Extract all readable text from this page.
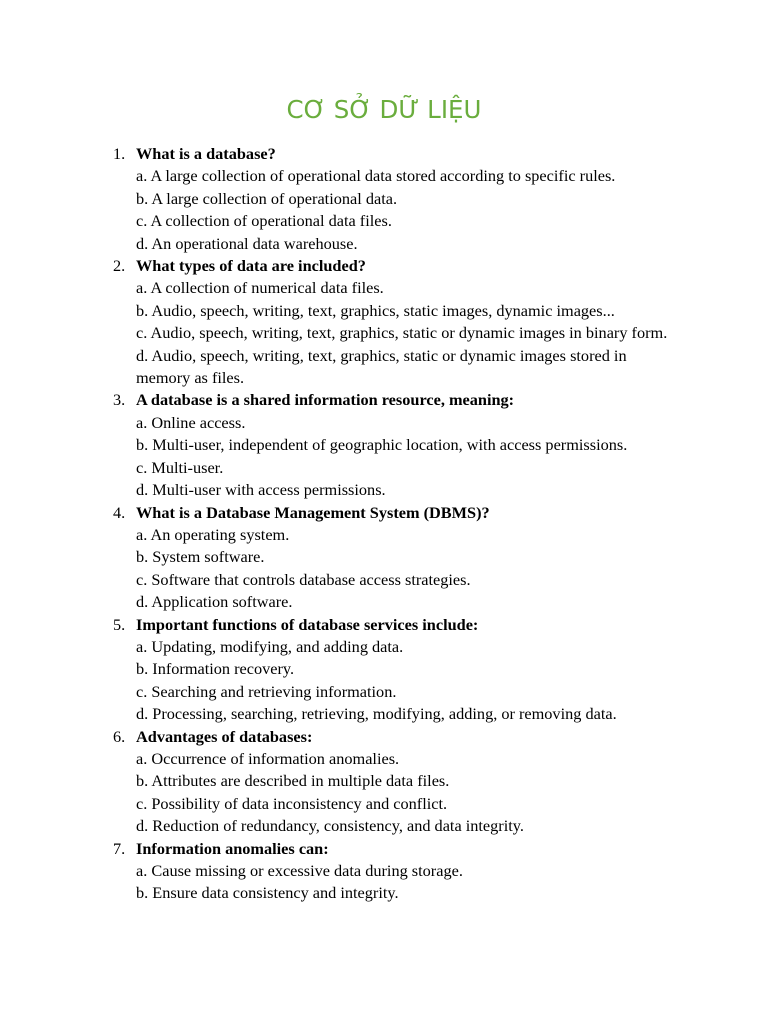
CƠ SỞ DỮ LIỆU
1. What is a database?
a. A large collection of operational data stored according to specific rules.
b. A large collection of operational data.
c. A collection of operational data files.
d. An operational data warehouse.
2. What types of data are included?
a. A collection of numerical data files.
b. Audio, speech, writing, text, graphics, static images, dynamic images...
c. Audio, speech, writing, text, graphics, static or dynamic images in binary form.
d. Audio, speech, writing, text, graphics, static or dynamic images stored in memory as files.
3. A database is a shared information resource, meaning:
a. Online access.
b. Multi-user, independent of geographic location, with access permissions.
c. Multi-user.
d. Multi-user with access permissions.
4. What is a Database Management System (DBMS)?
a. An operating system.
b. System software.
c. Software that controls database access strategies.
d. Application software.
5. Important functions of database services include:
a. Updating, modifying, and adding data.
b. Information recovery.
c. Searching and retrieving information.
d. Processing, searching, retrieving, modifying, adding, or removing data.
6. Advantages of databases:
a. Occurrence of information anomalies.
b. Attributes are described in multiple data files.
c. Possibility of data inconsistency and conflict.
d. Reduction of redundancy, consistency, and data integrity.
7. Information anomalies can:
a. Cause missing or excessive data during storage.
b. Ensure data consistency and integrity.
